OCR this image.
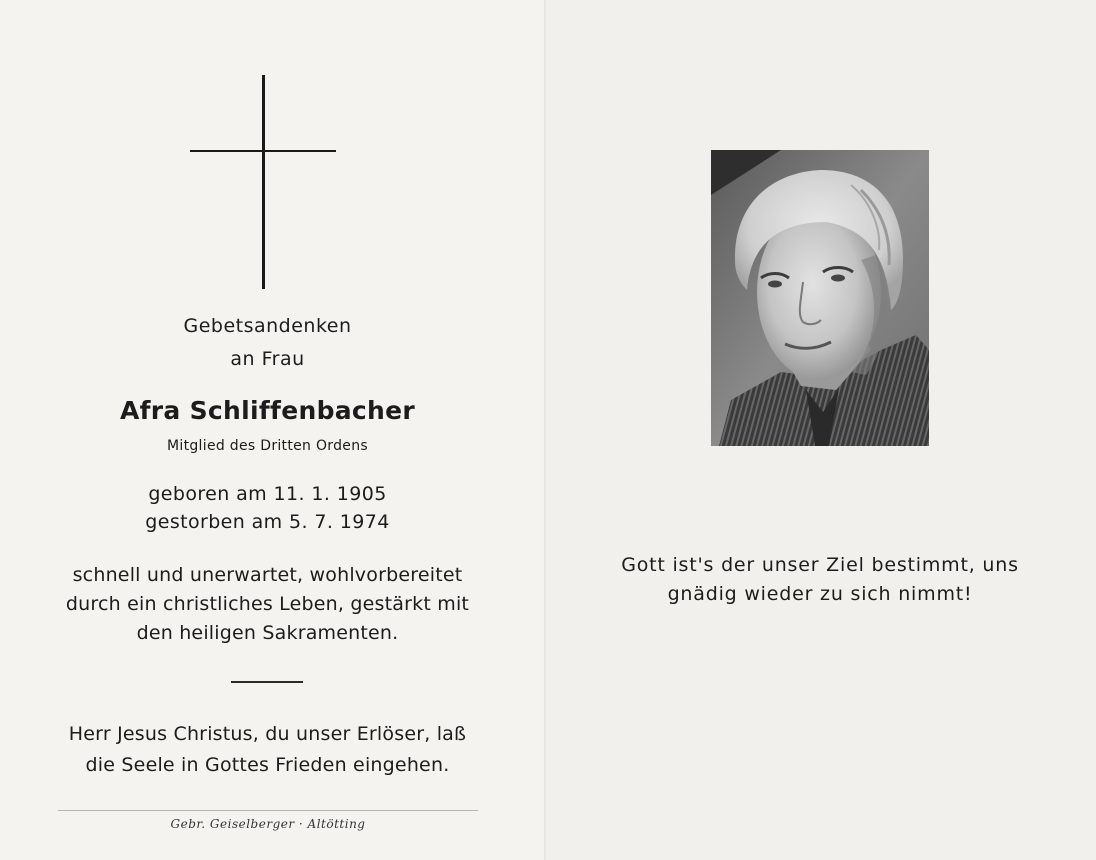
Gebetsandenken
an Frau
Afra Schliffenbacher
Mitglied des Dritten Ordens
geboren am 11. 1. 1905
gestorben am 5. 7. 1974
schnell und unerwartet, wohlvorbereitet
durch ein christliches Leben, gestärkt mit
den heiligen Sakramenten.
Herr Jesus Christus, du unser Erlöser, laß
die Seele in Gottes Frieden eingehen.
Gebr. Geiselberger · Altötting
Gott ist's der unser Ziel bestimmt, uns
gnädig wieder zu sich nimmt!
